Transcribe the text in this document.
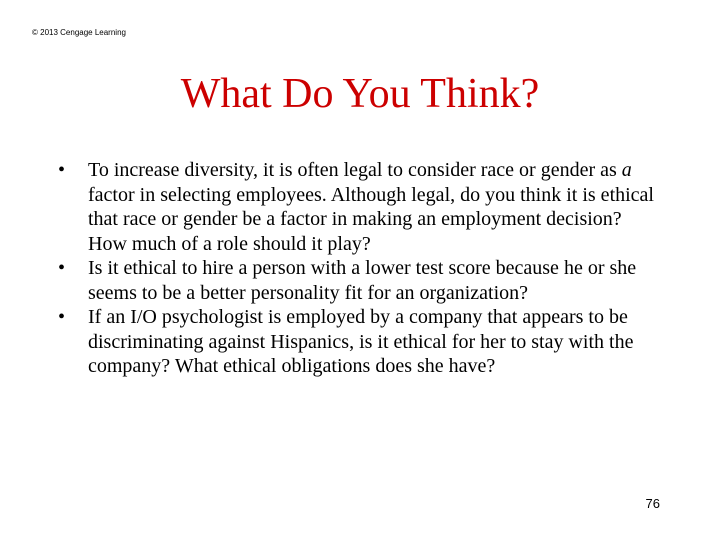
© 2013 Cengage Learning
What Do You Think?
• To increase diversity, it is often legal to consider race or gender as a factor in selecting employees. Although legal, do you think it is ethical that race or gender be a factor in making an employment decision? How much of a role should it play?
• Is it ethical to hire a person with a lower test score because he or she seems to be a better personality fit for an organization?
• If an I/O psychologist is employed by a company that appears to be discriminating against Hispanics, is it ethical for her to stay with the company? What ethical obligations does she have?
76
